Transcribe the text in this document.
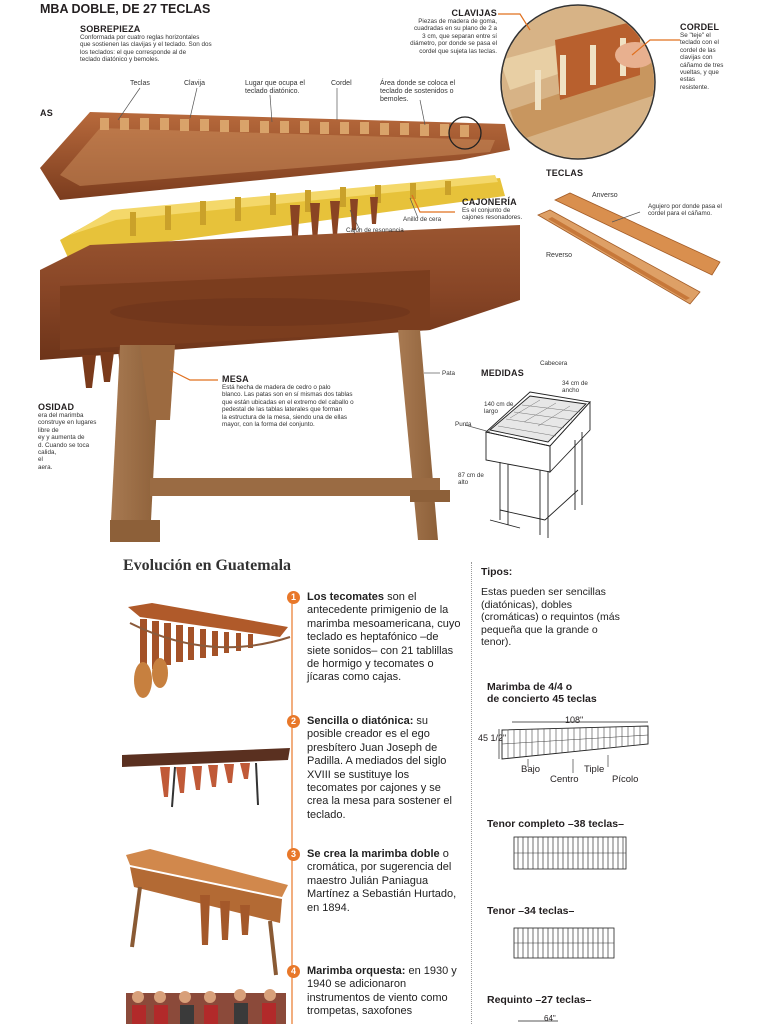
MBA DOBLE, DE 27 TECLAS
SOBREPIEZA
Conformada por cuatro reglas horizontales
que sostienen las clavijas y el teclado. Son dos
los teclados: el que corresponde al de
teclado diatónico y bemoles.
Teclas	Clavija	Lugar que ocupa el teclado diatónico.
Cordel	Área donde se coloca el teclado de sostenidos o bemoles.
AS
CLAVIJAS
Piezas de madera de goma,
cuadradas en su plano de 2 a
3 cm, que separan entre sí
diámetro, por donde se pasa el
cordel que sujeta las teclas.
CORDEL
Se "teje" el
teclado con el
cordel de las
clavijas con
cáñamo de tres
vueltas, y que
estas
resistente.
TECLAS
Anverso
Reverso
Agujero por donde pasa el cordel para el cáñamo.
CAJONERÍA
Es el conjunto de
cajones resonadores.
Anillo de cera
Cajón de resonancia
MESA
Está hecha de madera de cedro o palo
blanco. Las patas son en sí mismas dos tablas
que están ubicadas en el extremo del caballo o
pedestal de las tablas laterales que forman
la estructura de la mesa, siendo una de ellas
mayor, con la forma del conjunto.
Pata
OSIDAD
era del marimba
construye en lugares
libre de
ey y aumenta de
d. Cuando se toca
calida,
el
aera.
MEDIDAS
Cabecera
34 cm de ancho
140 cm de largo
Punta
87 cm de alto
Evolución en Guatemala
1	Los tecomates son el antecedente primigenio de la marimba mesoamericana, cuyo teclado es heptafónico –de siete sonidos– con 21 tablillas de hormigo y tecomates o jícaras como cajas.
2	Sencilla o diatónica: su posible creador es el ego presbítero Juan Joseph de Padilla. A mediados del siglo XVIII se sustituye los tecomates por cajones y se crea la mesa para sostener el teclado.
3	Se crea la marimba doble o cromática, por sugerencia del maestro Julián Paniagua Martínez a Sebastián Hurtado, en 1894.
4	Marimba orquesta: en 1930 y 1940 se adicionaron instrumentos de viento como trompetas, saxofones
Tipos:
Estas pueden ser sencillas (diatónicas), dobles (cromáticas) o requintos (más pequeña que la grande o tenor).
Marimba de 4/4 o
de concierto 45 teclas
108"
45 1/2"
Bajo
Centro
Tiple
Pícolo
Tenor completo –38 teclas–
Tenor –34 teclas–
Requinto –27 teclas–
64"
